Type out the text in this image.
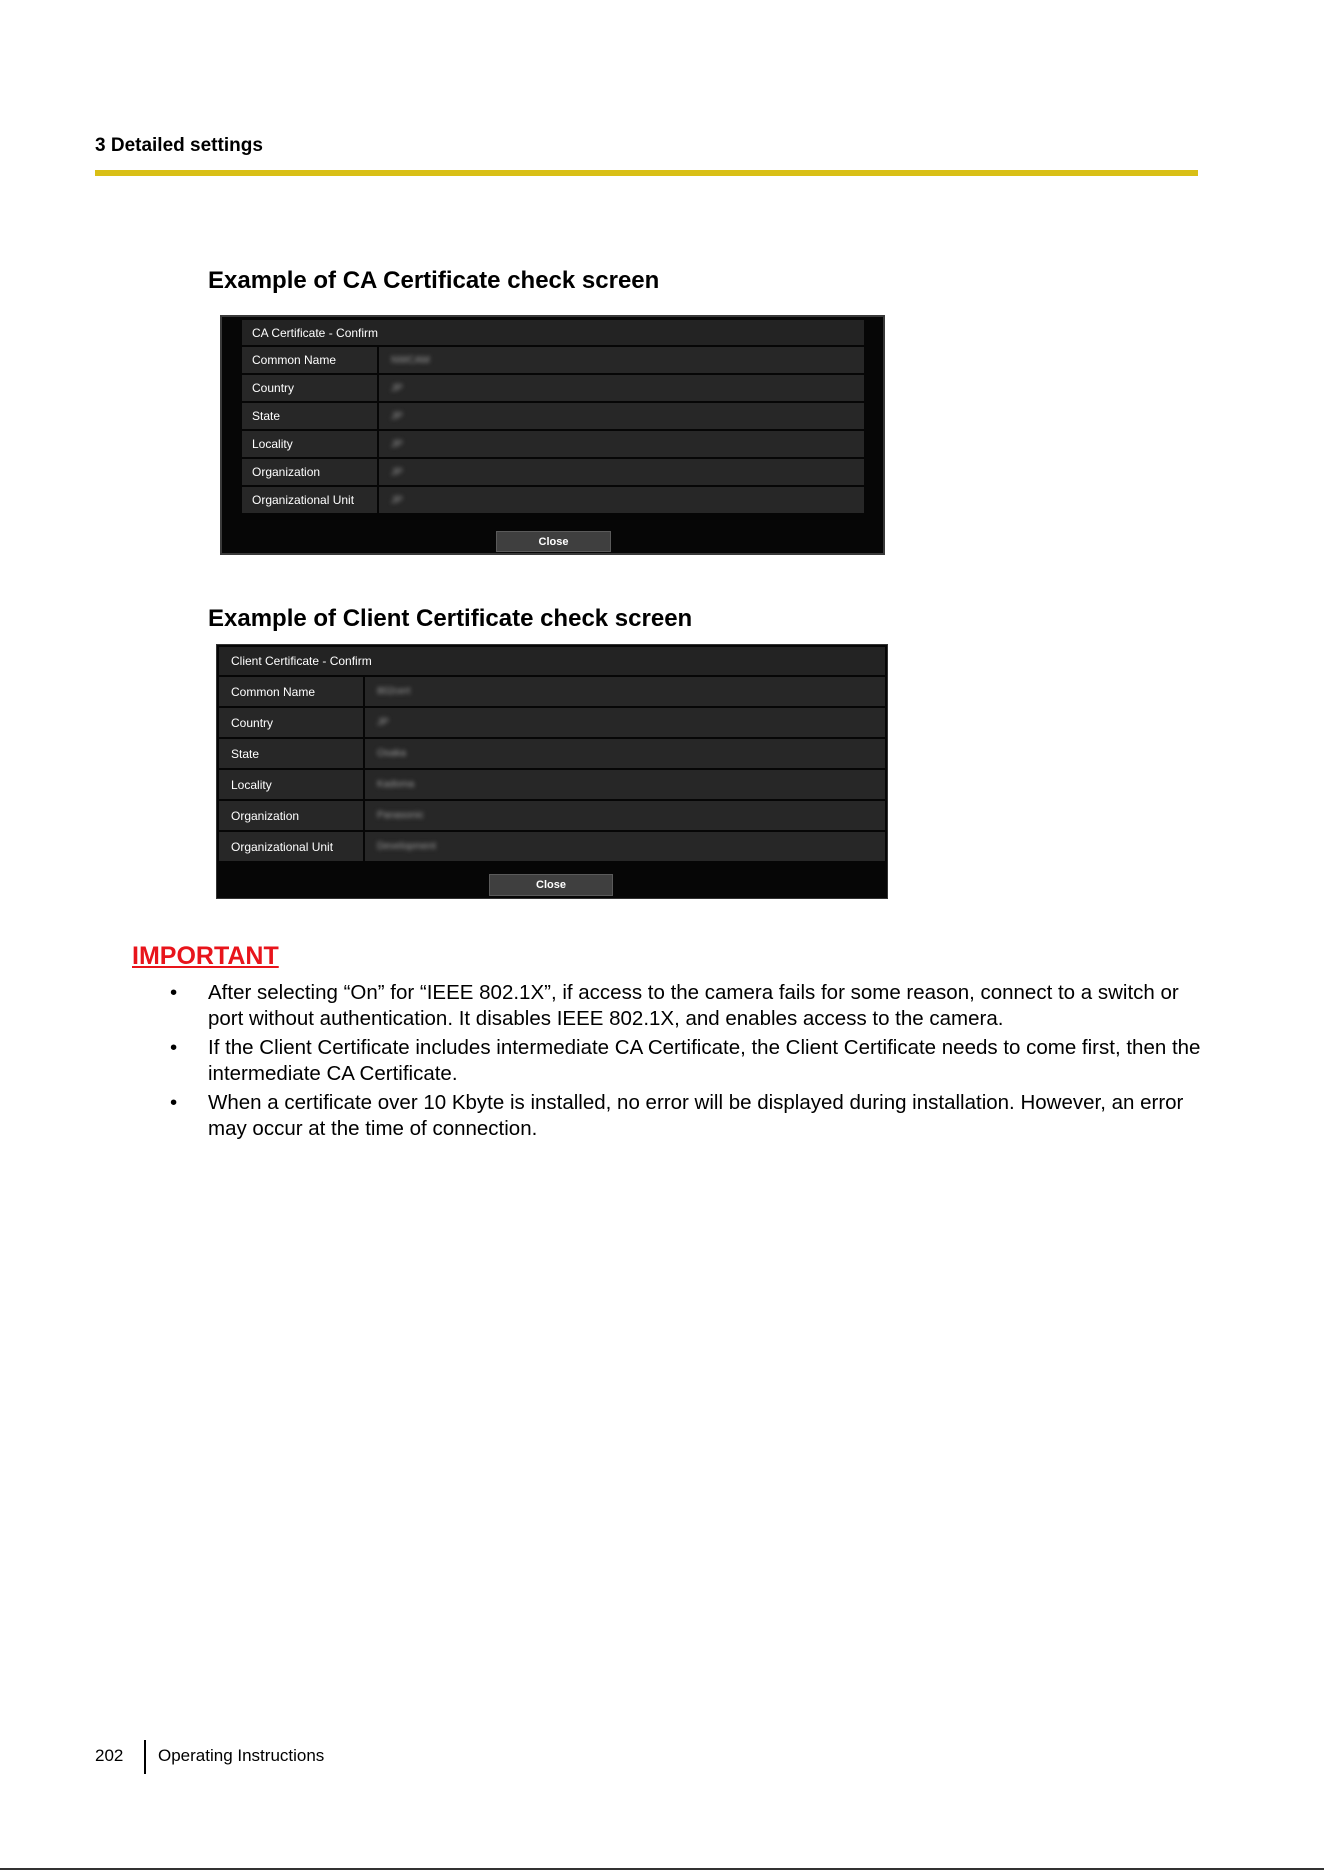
3 Detailed settings
Example of CA Certificate check screen
CA Certificate - Confirm
Common Name	NWCAM
Country	JP
State	JP
Locality	JP
Organization	JP
Organizational Unit	JP
Close
Example of Client Certificate check screen
Client Certificate - Confirm
Common Name	802cert
Country	JP
State	Osaka
Locality	Kadoma
Organization	Panasonic
Organizational Unit	Development
Close
IMPORTANT
•	After selecting “On” for “IEEE 802.1X”, if access to the camera fails for some reason, connect to a switch or port without authentication. It disables IEEE 802.1X, and enables access to the camera.
•	If the Client Certificate includes intermediate CA Certificate, the Client Certificate needs to come first, then the intermediate CA Certificate.
•	When a certificate over 10 Kbyte is installed, no error will be displayed during installation. However, an error may occur at the time of connection.
202 Operating Instructions
